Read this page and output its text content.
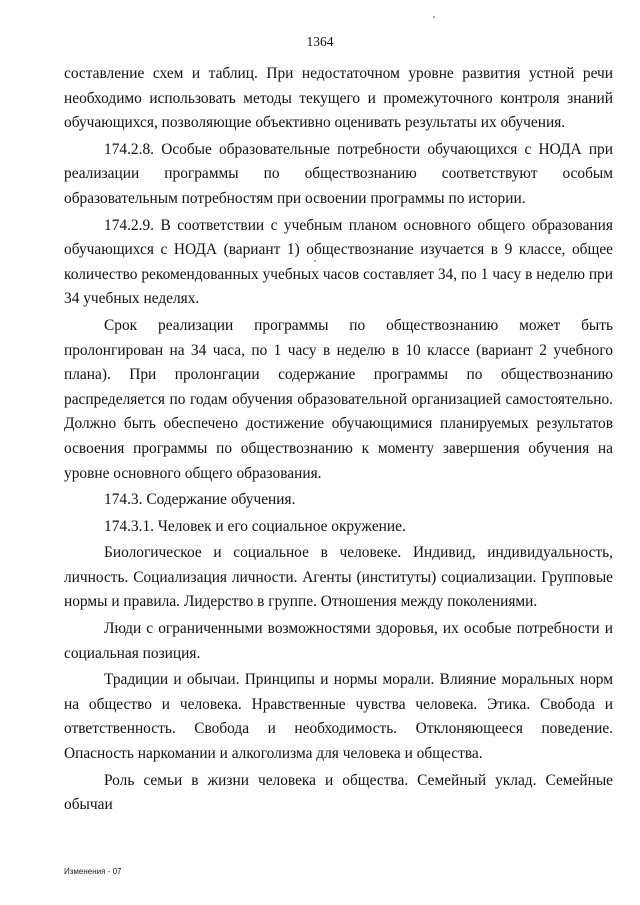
1364

составление схем и таблиц. При недостаточном уровне развития устной речи необходимо использовать методы текущего и промежуточного контроля знаний обучающихся, позволяющие объективно оценивать результаты их обучения.

174.2.8. Особые образовательные потребности обучающихся с НОДА при реализации программы по обществознанию соответствуют особым образовательным потребностям при освоении программы по истории.

174.2.9. В соответствии с учебным планом основного общего образования обучающихся с НОДА (вариант 1) обществознание изучается в 9 классе, общее количество рекомендованных учебных часов составляет 34, по 1 часу в неделю при 34 учебных неделях.

Срок реализации программы по обществознанию может быть пролонгирован на 34 часа, по 1 часу в неделю в 10 классе (вариант 2 учебного плана). При пролонгации содержание программы по обществознанию распределяется по годам обучения образовательной организацией самостоятельно. Должно быть обеспечено достижение обучающимися планируемых результатов освоения программы по обществознанию к моменту завершения обучения на уровне основного общего образования.

174.3. Содержание обучения.

174.3.1. Человек и его социальное окружение.

Биологическое и социальное в человеке. Индивид, индивидуальность, личность. Социализация личности. Агенты (институты) социализации. Групповые нормы и правила. Лидерство в группе. Отношения между поколениями.

Люди с ограниченными возможностями здоровья, их особые потребности и социальная позиция.

Традиции и обычаи. Принципы и нормы морали. Влияние моральных норм на общество и человека. Нравственные чувства человека. Этика. Свобода и ответственность. Свобода и необходимость. Отклоняющееся поведение. Опасность наркомании и алкоголизма для человека и общества.

Роль семьи в жизни человека и общества. Семейный уклад. Семейные обычаи

Изменения - 07
